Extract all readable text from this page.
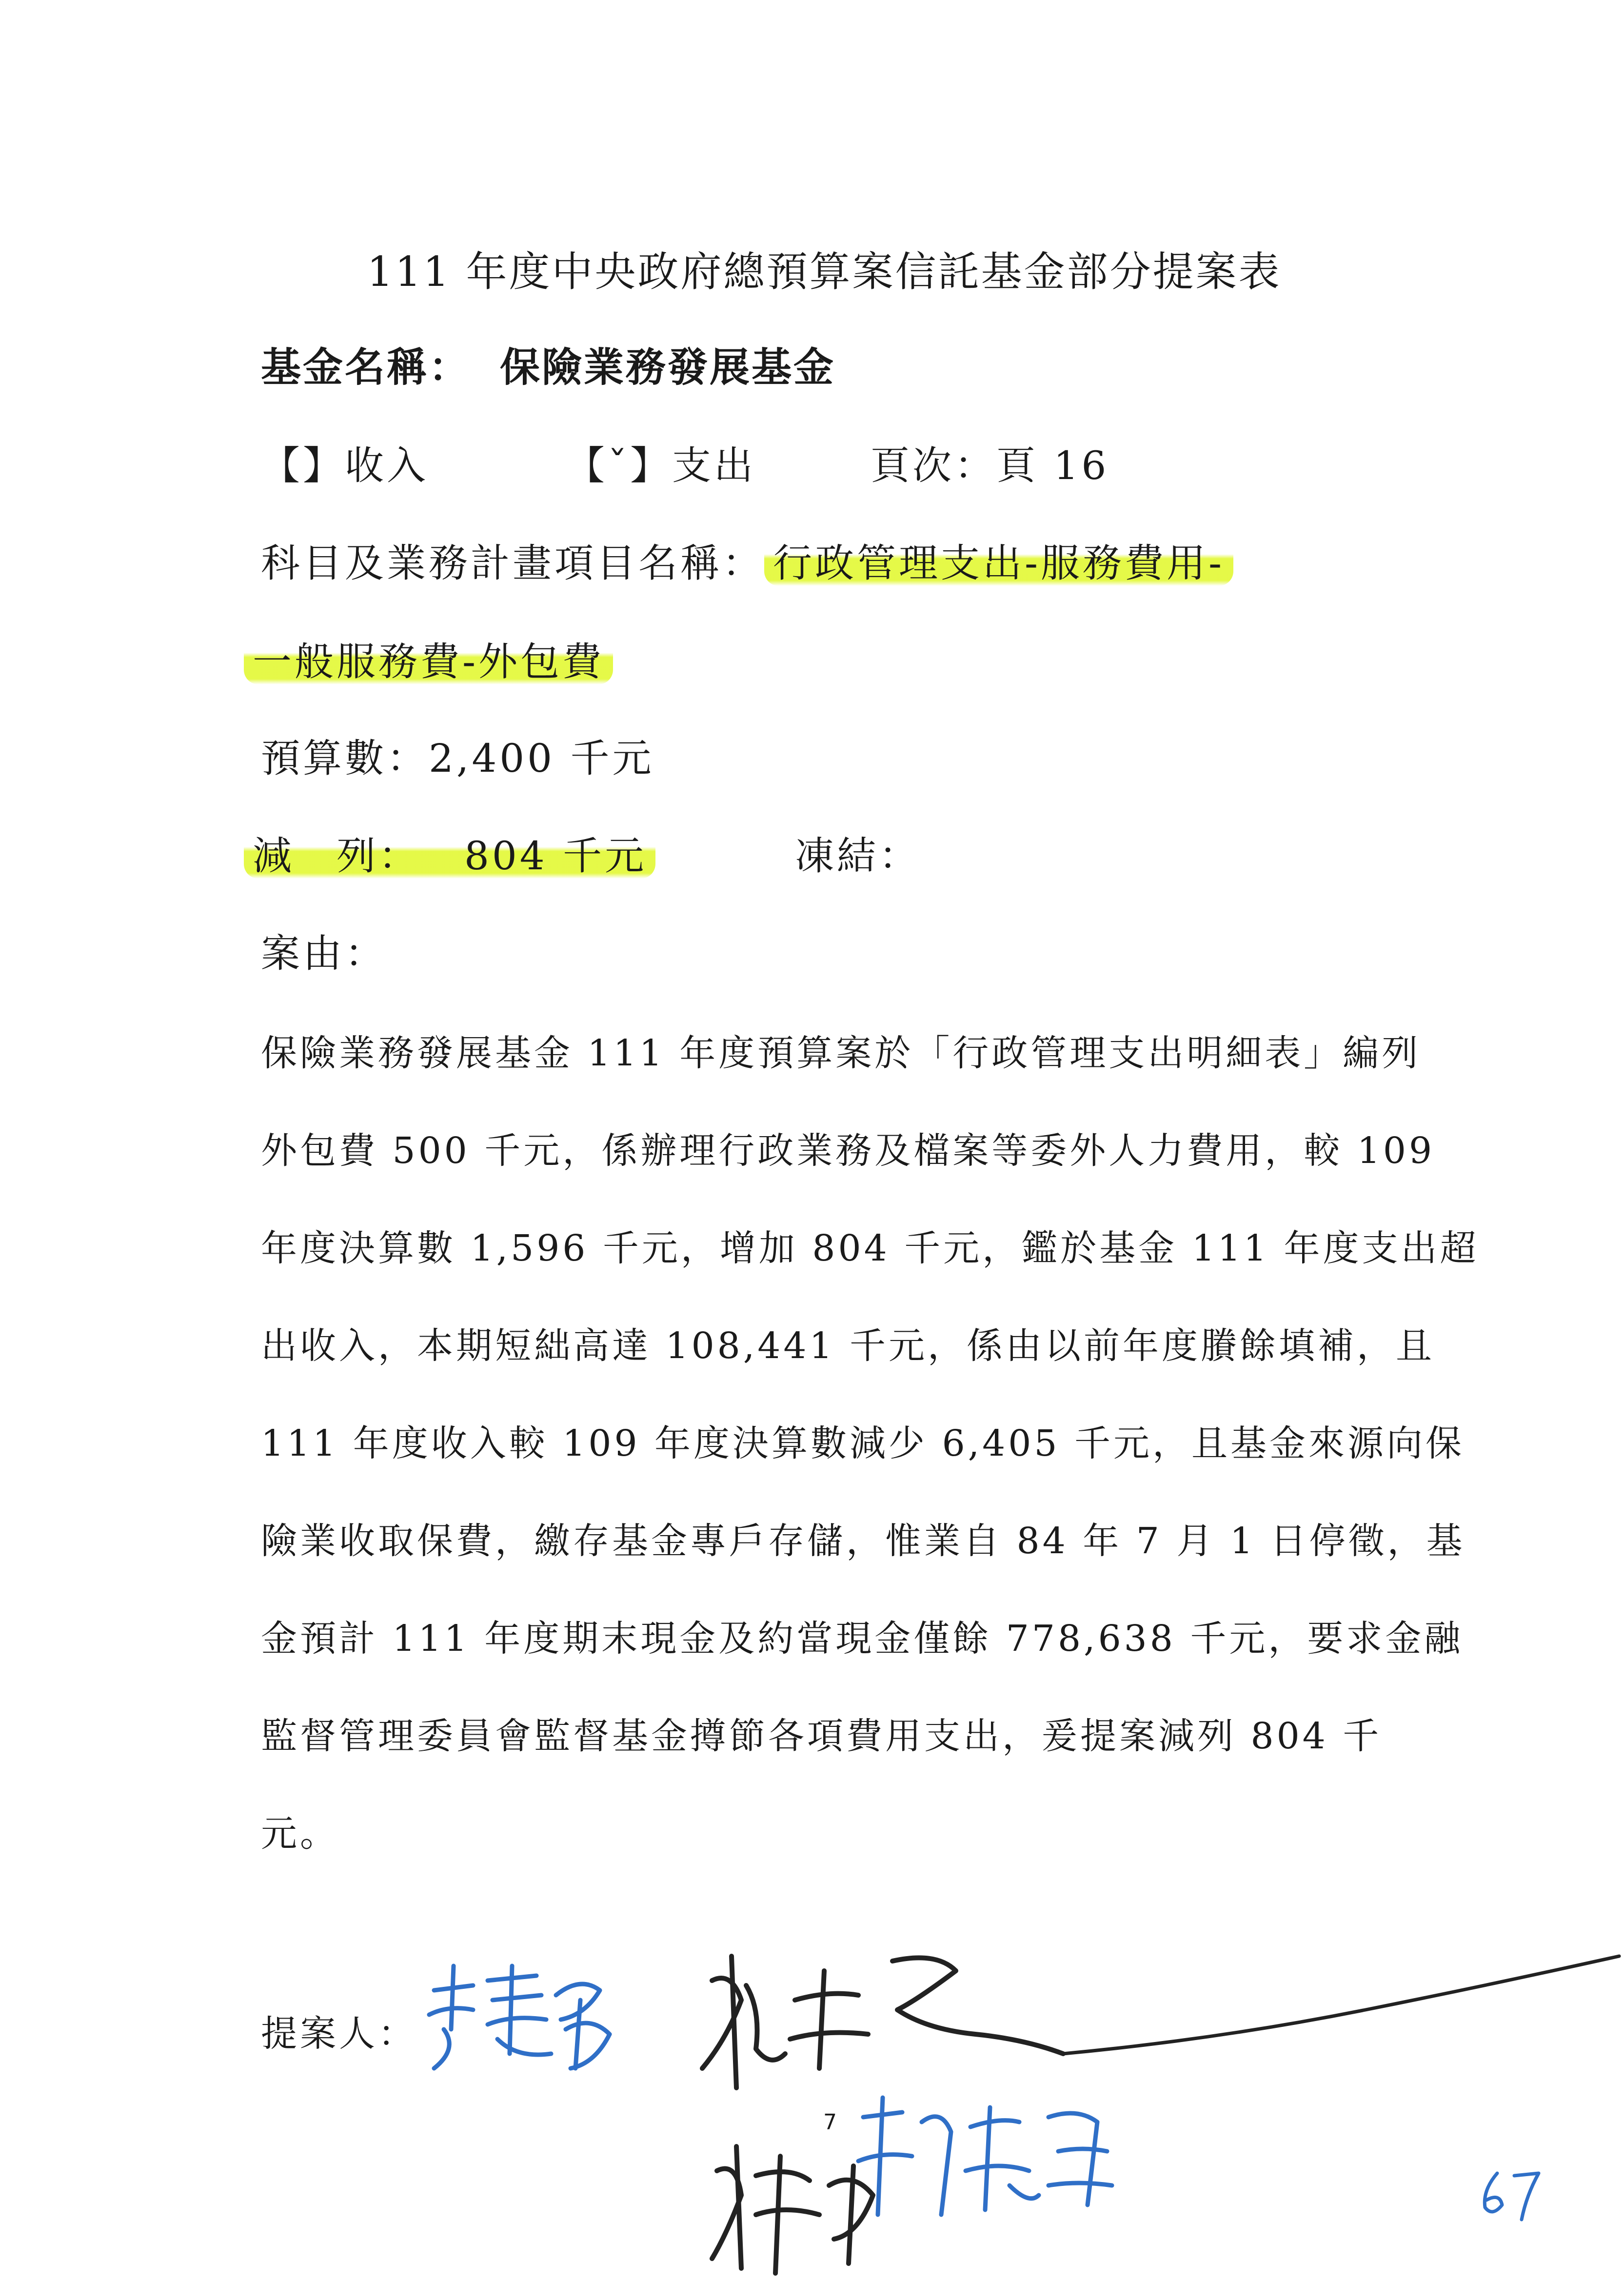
111 年度中央政府總預算案信託基金部分提案表
基金名稱： 保險業務發展基金
【】收入	【ˇ】支出	頁次：頁 16
科目及業務計畫項目名稱： 行政管理支出-服務費用-
一般服務費-外包費
預算數：2,400 千元
減　列： 804 千元	凍結：
案由：
保險業務發展基金 111 年度預算案於「行政管理支出明細表」編列
外包費 500 千元，係辦理行政業務及檔案等委外人力費用，較 109
年度決算數 1,596 千元，增加 804 千元，鑑於基金 111 年度支出超
出收入，本期短絀高達 108,441 千元，係由以前年度賸餘填補，且
111 年度收入較 109 年度決算數減少 6,405 千元，且基金來源向保
險業收取保費，繳存基金專戶存儲，惟業自 84 年 7 月 1 日停徵，基
金預計 111 年度期末現金及約當現金僅餘 778,638 千元，要求金融
監督管理委員會監督基金撙節各項費用支出，爰提案減列 804 千
元。
提案人：
67
7
